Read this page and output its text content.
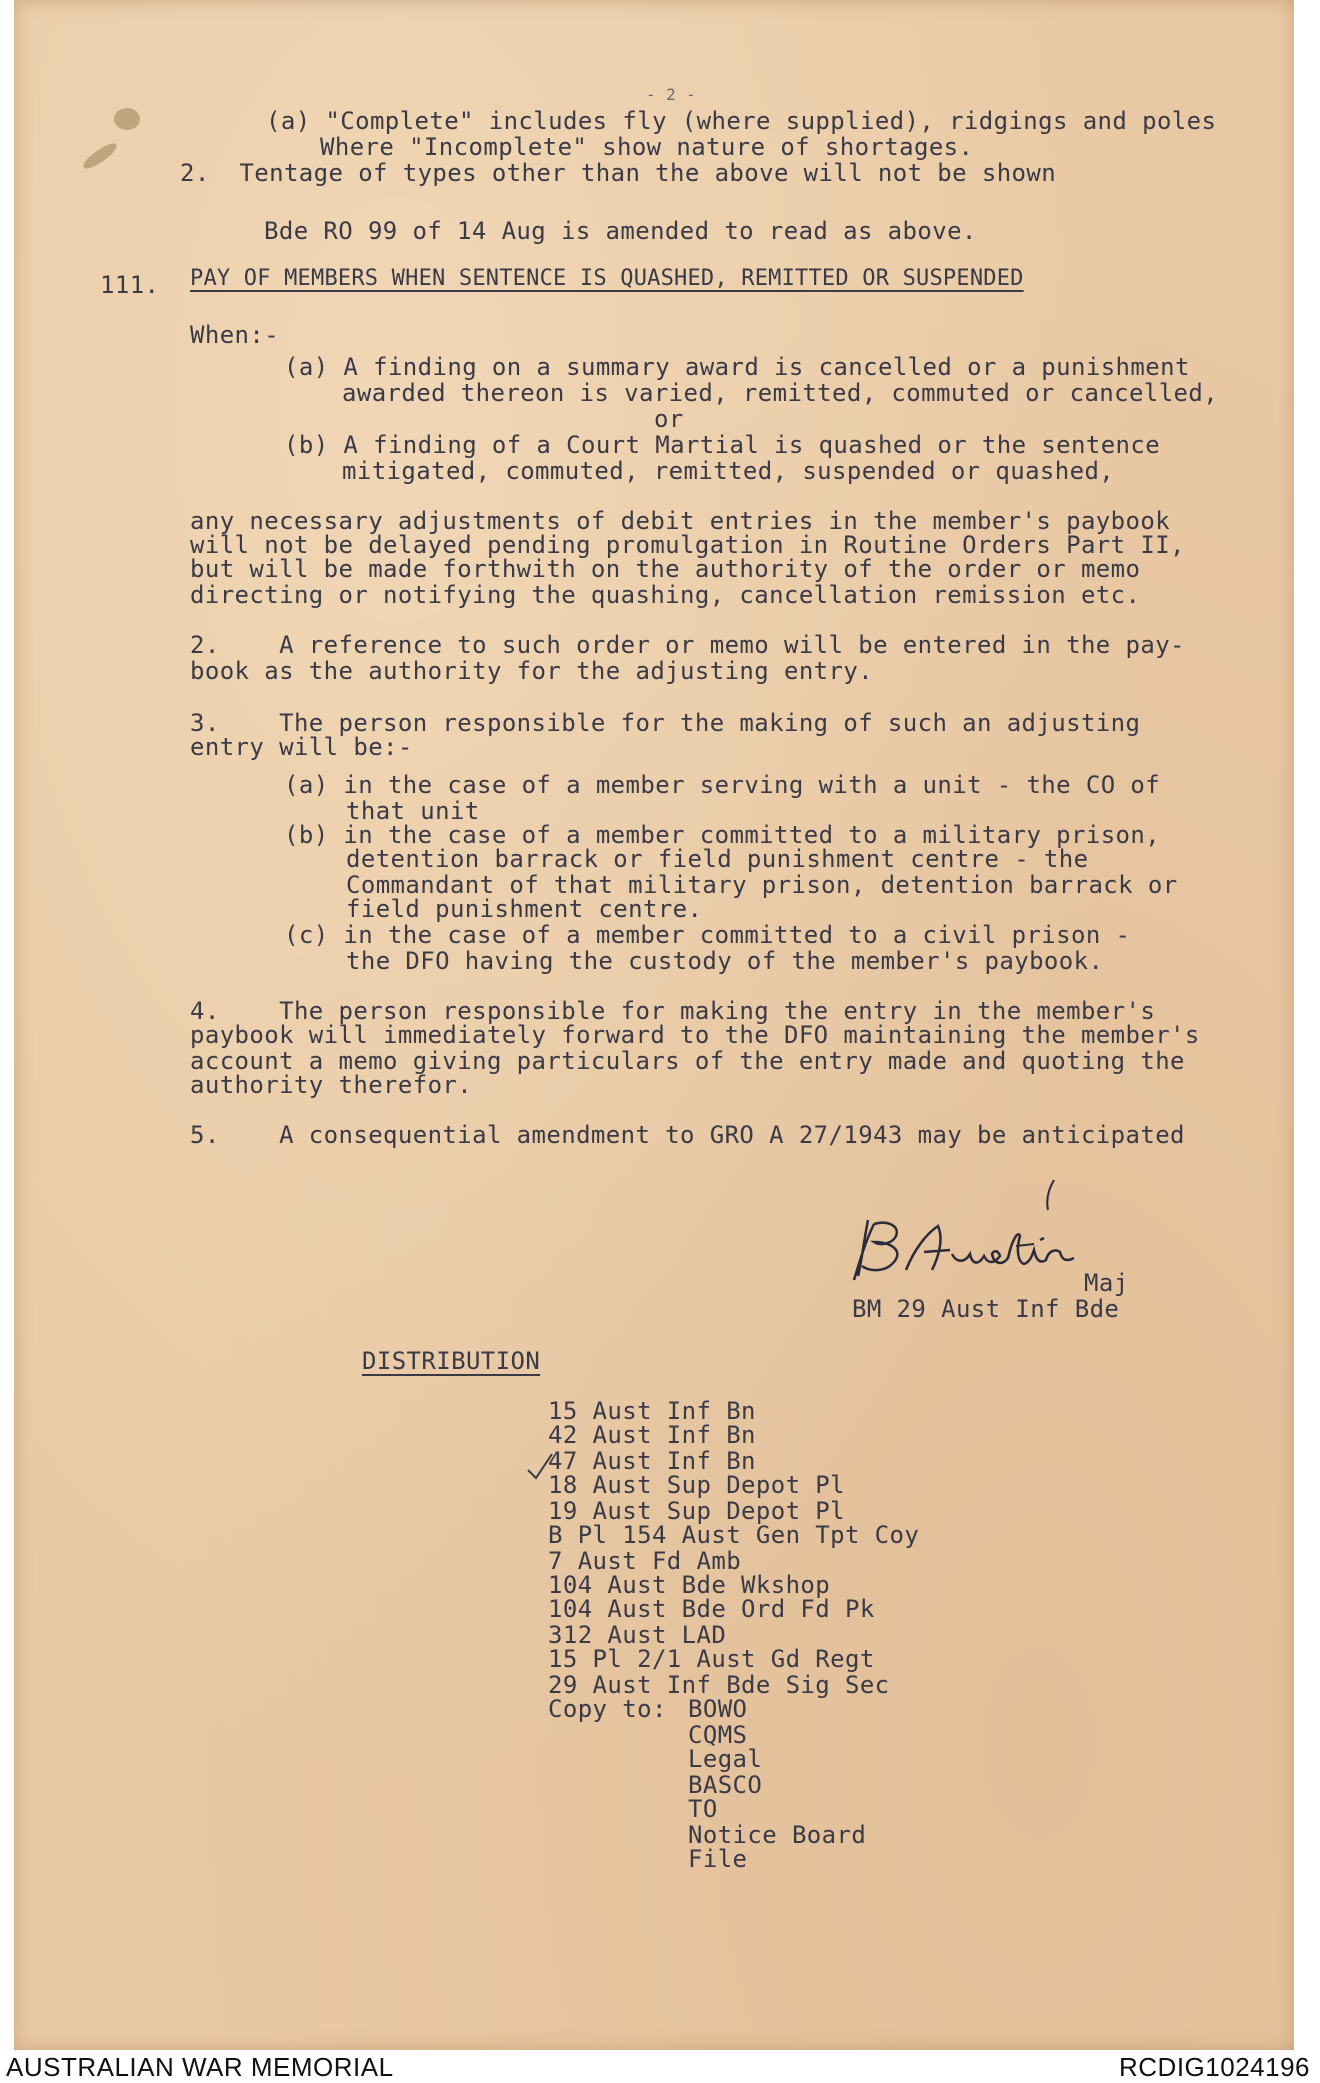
- 2 -
(a) "Complete" includes fly (where supplied), ridgings and poles
Where "Incomplete" show nature of shortages.
2.  Tentage of types other than the above will not be shown
Bde RO 99 of 14 Aug is amended to read as above.
111. PAY OF MEMBERS WHEN SENTENCE IS QUASHED, REMITTED OR SUSPENDED
When:-
(a) A finding on a summary award is cancelled or a punishment
awarded thereon is varied, remitted, commuted or cancelled,
or
(b) A finding of a Court Martial is quashed or the sentence
mitigated, commuted, remitted, suspended or quashed,
any necessary adjustments of debit entries in the member's paybook
will not be delayed pending promulgation in Routine Orders Part II,
but will be made forthwith on the authority of the order or memo
directing or notifying the quashing, cancellation remission etc.
2.    A reference to such order or memo will be entered in the pay-
book as the authority for the adjusting entry.
3.    The person responsible for the making of such an adjusting
entry will be:-
(a) in the case of a member serving with a unit - the CO of
that unit
(b) in the case of a member committed to a military prison,
detention barrack or field punishment centre - the
Commandant of that military prison, detention barrack or
field punishment centre.
(c) in the case of a member committed to a civil prison -
the DFO having the custody of the member's paybook.
4.    The person responsible for making the entry in the member's
paybook will immediately forward to the DFO maintaining the member's
account a memo giving particulars of the entry made and quoting the
authority therefor.
5.    A consequential amendment to GRO A 27/1943 may be anticipated
Maj
BM 29 Aust Inf Bde
DISTRIBUTION
15 Aust Inf Bn
42 Aust Inf Bn
47 Aust Inf Bn
18 Aust Sup Depot Pl
19 Aust Sup Depot Pl
B Pl 154 Aust Gen Tpt Coy
7 Aust Fd Amb
104 Aust Bde Wkshop
104 Aust Bde Ord Fd Pk
312 Aust LAD
15 Pl 2/1 Aust Gd Regt
29 Aust Inf Bde Sig Sec
Copy to: BOWO
CQMS
Legal
BASCO
TO
Notice Board
File
AUSTRALIAN WAR MEMORIAL	RCDIG1024196
